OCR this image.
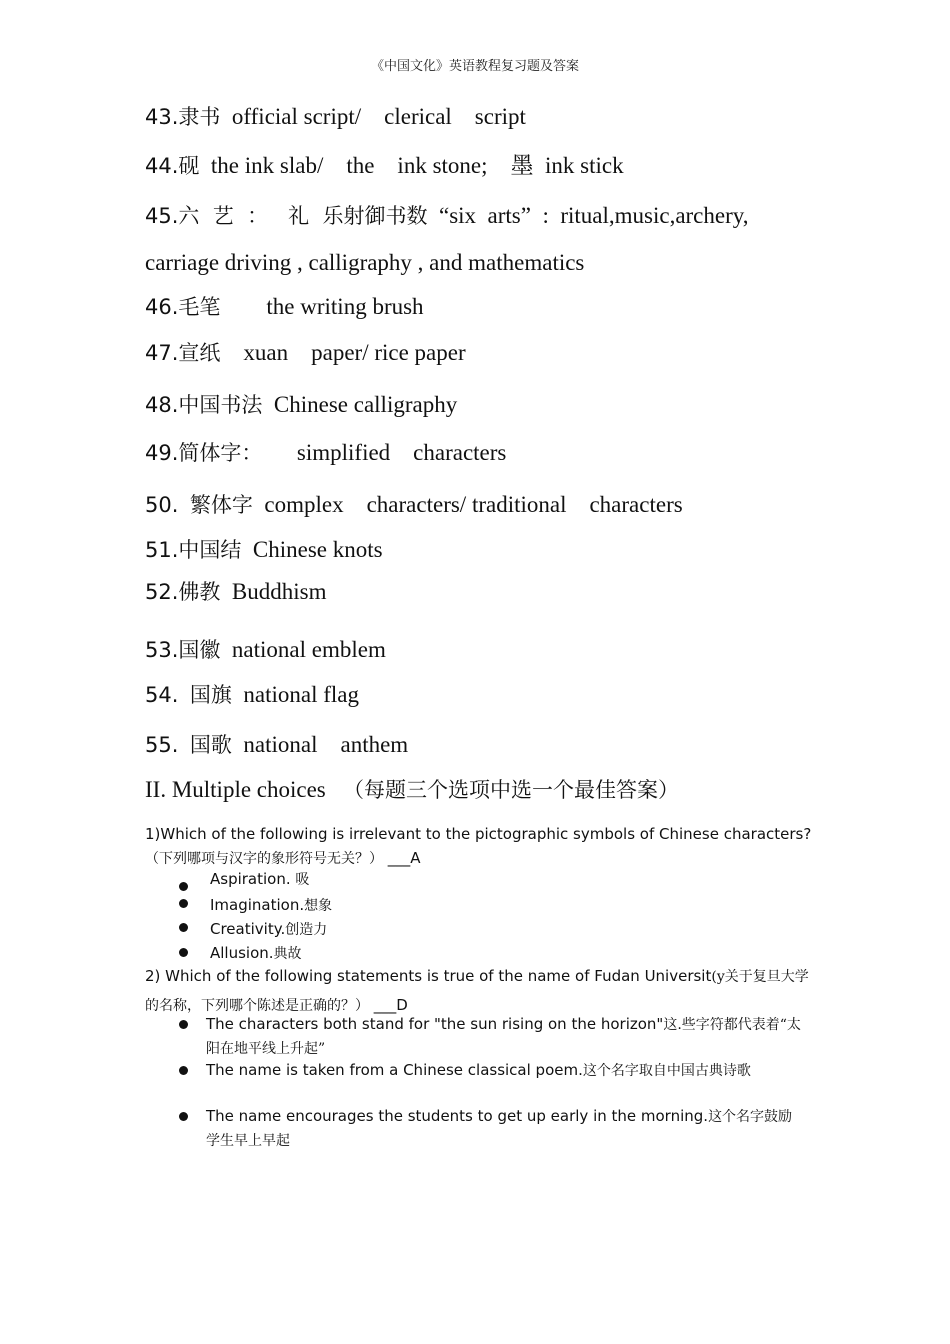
《中国文化》英语教程复习题及答案
43.隶书 official script/    clerical    script
44.砚 the ink slab/    the    ink stone;    墨  ink stick
45.六  艺  ：   礼  乐射御书数 “six  arts”  :  ritual,music,archery,
carriage driving , calligraphy , and mathematics
46.毛笔 the writing brush
47.宣纸 xuan    paper/ rice paper
48.中国书法 Chinese calligraphy
49.简体字： simplified    characters
50. 繁体字 complex    characters/ traditional    characters
51.中国结 Chinese knots
52.佛教 Buddhism
53.国徽 national emblem
54. 国旗 national flag
55. 国歌 national    anthem
II. Multiple choices （每题三个选项中选一个最佳答案）
1)Which of the following is irrelevant to the pictographic symbols of Chinese characters?（下列哪项与汉字的象形符号无关？） ___A
Aspiration. 吸
Imagination.想象
Creativity.创造力
Allusion.典故
2) Which of the following statements is true of the name of Fudan Universit(y关于复旦大学的名称，下列哪个陈述是正确的？） ___D
The characters both stand for "the sun rising on the horizon"这.些字符都代表着“太阳在地平线上升起”
The name is taken from a Chinese classical poem.这个名字取自中国古典诗歌
The name encourages the students to get up early in the morning.这个名字鼓励学生早上早起
